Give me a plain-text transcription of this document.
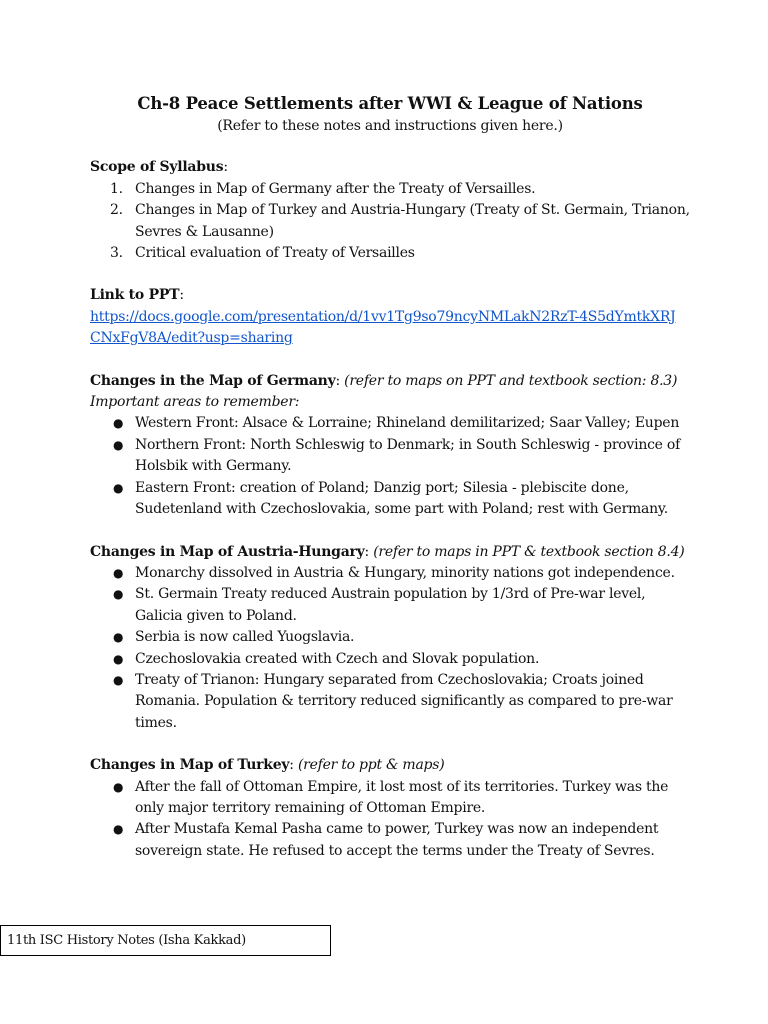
Ch-8 Peace Settlements after WWI & League of Nations

(Refer to these notes and instructions given here.)

Scope of Syllabus:

1. Changes in Map of Germany after the Treaty of Versailles.
2. Changes in Map of Turkey and Austria-Hungary (Treaty of St. Germain, Trianon, Sevres & Lausanne)
3. Critical evaluation of Treaty of Versailles

Link to PPT:

https://docs.google.com/presentation/d/1vv1Tg9so79ncyNMLakN2RzT-4S5dYmtkXRJCNxFgV8A/edit?usp=sharing

Changes in the Map of Germany: (refer to maps on PPT and textbook section: 8.3)

Important areas to remember:

● Western Front: Alsace & Lorraine; Rhineland demilitarized; Saar Valley; Eupen
● Northern Front: North Schleswig to Denmark; in South Schleswig - province of Holsbik with Germany.
● Eastern Front: creation of Poland; Danzig port; Silesia - plebiscite done, Sudetenland with Czechoslovakia, some part with Poland; rest with Germany.

Changes in Map of Austria-Hungary: (refer to maps in PPT & textbook section 8.4)

● Monarchy dissolved in Austria & Hungary, minority nations got independence.
● St. Germain Treaty reduced Austrain population by 1/3rd of Pre-war level, Galicia given to Poland.
● Serbia is now called Yuogslavia.
● Czechoslovakia created with Czech and Slovak population.
● Treaty of Trianon: Hungary separated from Czechoslovakia; Croats joined Romania. Population & territory reduced significantly as compared to pre-war times.

Changes in Map of Turkey: (refer to ppt & maps)

● After the fall of Ottoman Empire, it lost most of its territories. Turkey was the only major territory remaining of Ottoman Empire.
● After Mustafa Kemal Pasha came to power, Turkey was now an independent sovereign state. He refused to accept the terms under the Treaty of Sevres.
11th ISC History Notes (Isha Kakkad)
